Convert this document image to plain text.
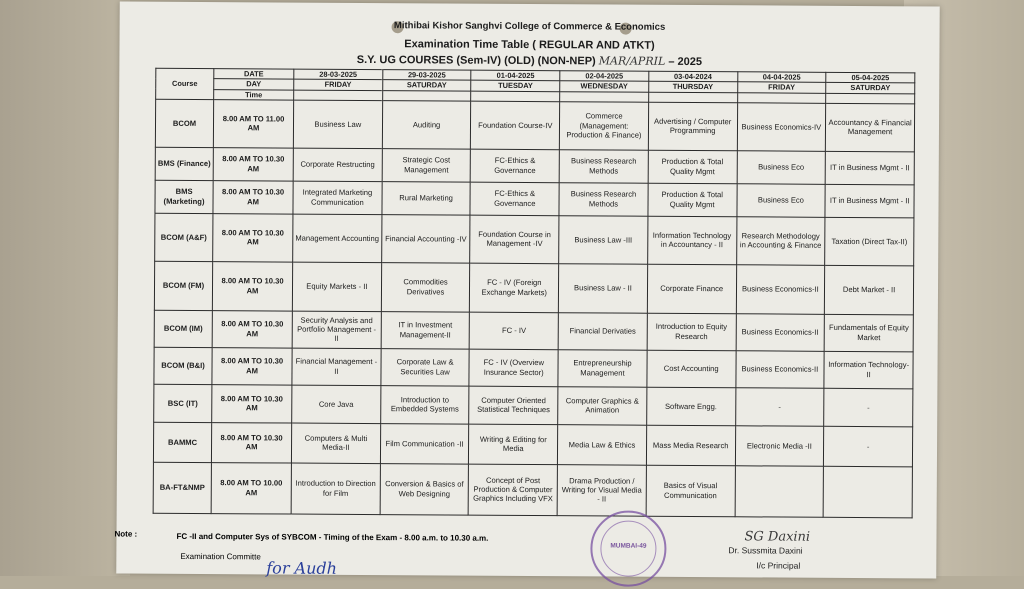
Mithibai Kishor Sanghvi College of Commerce & Economics
Examination Time Table ( REGULAR AND ATKT)
S.Y. UG COURSES (Sem-IV) (OLD) (NON-NEP) MAR/APRIL – 2025
Course	DATE	28-03-2025	29-03-2025	01-04-2025	02-04-2025	03-04-2024	04-04-2025	05-04-2025
	DAY	FRIDAY	SATURDAY	TUESDAY	WEDNESDAY	THURSDAY	FRIDAY	SATURDAY
	Time							
BCOM	8.00 AM TO 11.00 AM	Business Law	Auditing	Foundation Course-IV	Commerce (Management: Production & Finance)	Advertising / Computer Programming	Business Economics-IV	Accountancy & Financial Management
BMS (Finance)	8.00 AM TO 10.30 AM	Corporate Restructing	Strategic Cost Management	FC-Ethics & Governance	Business Research Methods	Production & Total Quality Mgmt	Business Eco	IT in Business Mgmt - II
BMS (Marketing)	8.00 AM TO 10.30 AM	Integrated Marketing Communication	Rural Marketing	FC-Ethics & Governance	Business Research Methods	Production & Total Quality Mgmt	Business Eco	IT in Business Mgmt - II
BCOM (A&F)	8.00 AM TO 10.30 AM	Management Accounting	Financial Accounting -IV	Foundation Course in Management -IV	Business Law -III	Information Technology in Accountancy - II	Research Methodology in Accounting & Finance	Taxation (Direct Tax-II)
BCOM (FM)	8.00 AM TO 10.30 AM	Equity Markets - II	Commodities Derivatives	FC - IV (Foreign Exchange Markets)	Business Law - II	Corporate Finance	Business Economics-II	Debt Market - II
BCOM (IM)	8.00 AM TO 10.30 AM	Security Analysis and Portfolio Management - II	IT in Investment Management-II	FC - IV	Financial Derivaties	Introduction to Equity Research	Business Economics-II	Fundamentals of Equity Market
BCOM (B&I)	8.00 AM TO 10.30 AM	Financial Management -II	Corporate Law & Securities Law	FC - IV (Overview Insurance Sector)	Entrepreneurship Management	Cost Accounting	Business Economics-II	Information Technology-II
BSC (IT)	8.00 AM TO 10.30 AM	Core Java	Introduction to Embedded Systems	Computer Oriented Statistical Techniques	Computer Graphics & Animation	Software Engg.	-	-
BAMMC	8.00 AM TO 10.30 AM	Computers & Multi Media-II	Film Communication -II	Writing & Editing for Media	Media Law & Ethics	Mass Media Research	Electronic Media -II	-
BA-FT&NMP	8.00 AM TO 10.00 AM	Introduction to Direction for Film	Conversion & Basics of Web Designing	Concept of Post Production & Computer Graphics Including VFX	Drama Production / Writing for Visual Media - II	Basics of Visual Communication		
Note :	FC -II and Computer Sys of SYBCOM - Timing of the Exam - 8.00 a.m. to 10.30 a.m.
Examination Committe
for Audh
MUMBAI-49
SG Daxini
Dr. Sussmita Daxini
I/c Principal
